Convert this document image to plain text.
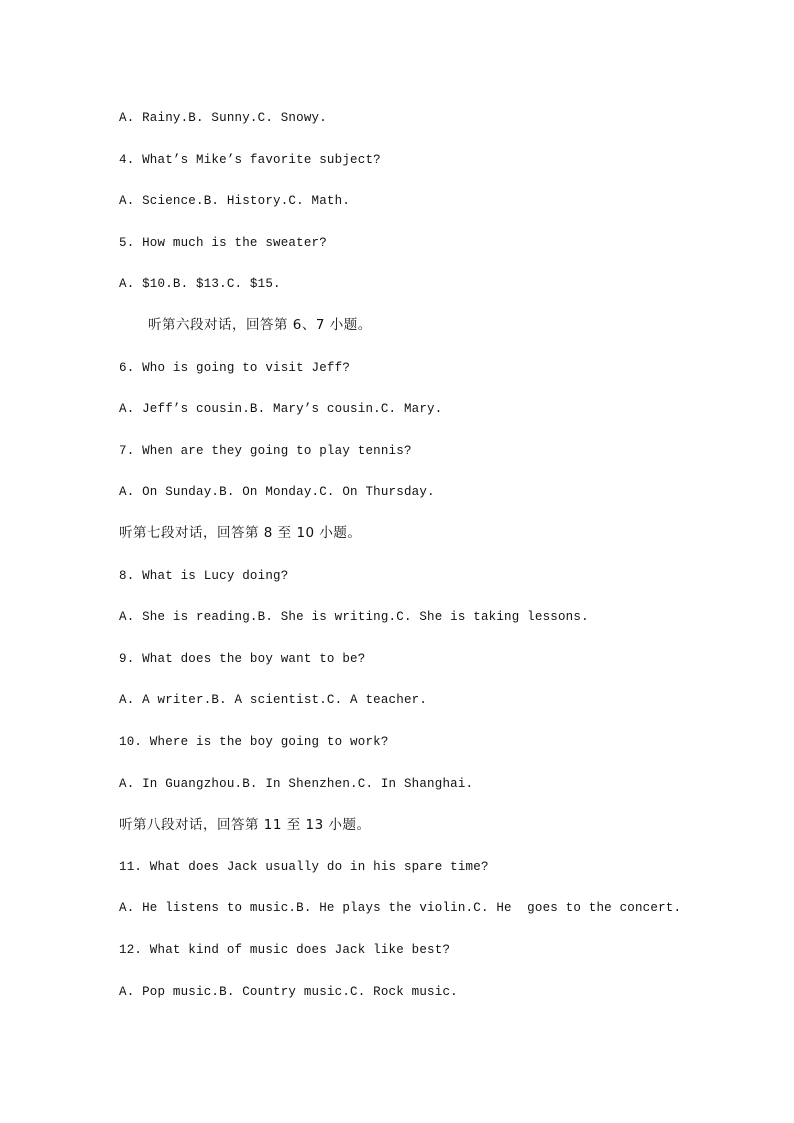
A. Rainy.B. Sunny.C. Snowy.
4. What’s Mike’s favorite subject?
A. Science.B. History.C. Math.
5. How much is the sweater?
A. $10.B. $13.C. $15.
听第六段对话，回答第 6、7 小题。
6. Who is going to visit Jeff?
A. Jeff’s cousin.B. Mary’s cousin.C. Mary.
7. When are they going to play tennis?
A. On Sunday.B. On Monday.C. On Thursday.
听第七段对话，回答第 8 至 10 小题。
8. What is Lucy doing?
A. She is reading.B. She is writing.C. She is taking lessons.
9. What does the boy want to be?
A. A writer.B. A scientist.C. A teacher.
10. Where is the boy going to work?
A. In Guangzhou.B. In Shenzhen.C. In Shanghai.
听第八段对话，回答第 11 至 13 小题。
11. What does Jack usually do in his spare time?
A. He listens to music.B. He plays the violin.C. He  goes to the concert.
12. What kind of music does Jack like best?
A. Pop music.B. Country music.C. Rock music.
